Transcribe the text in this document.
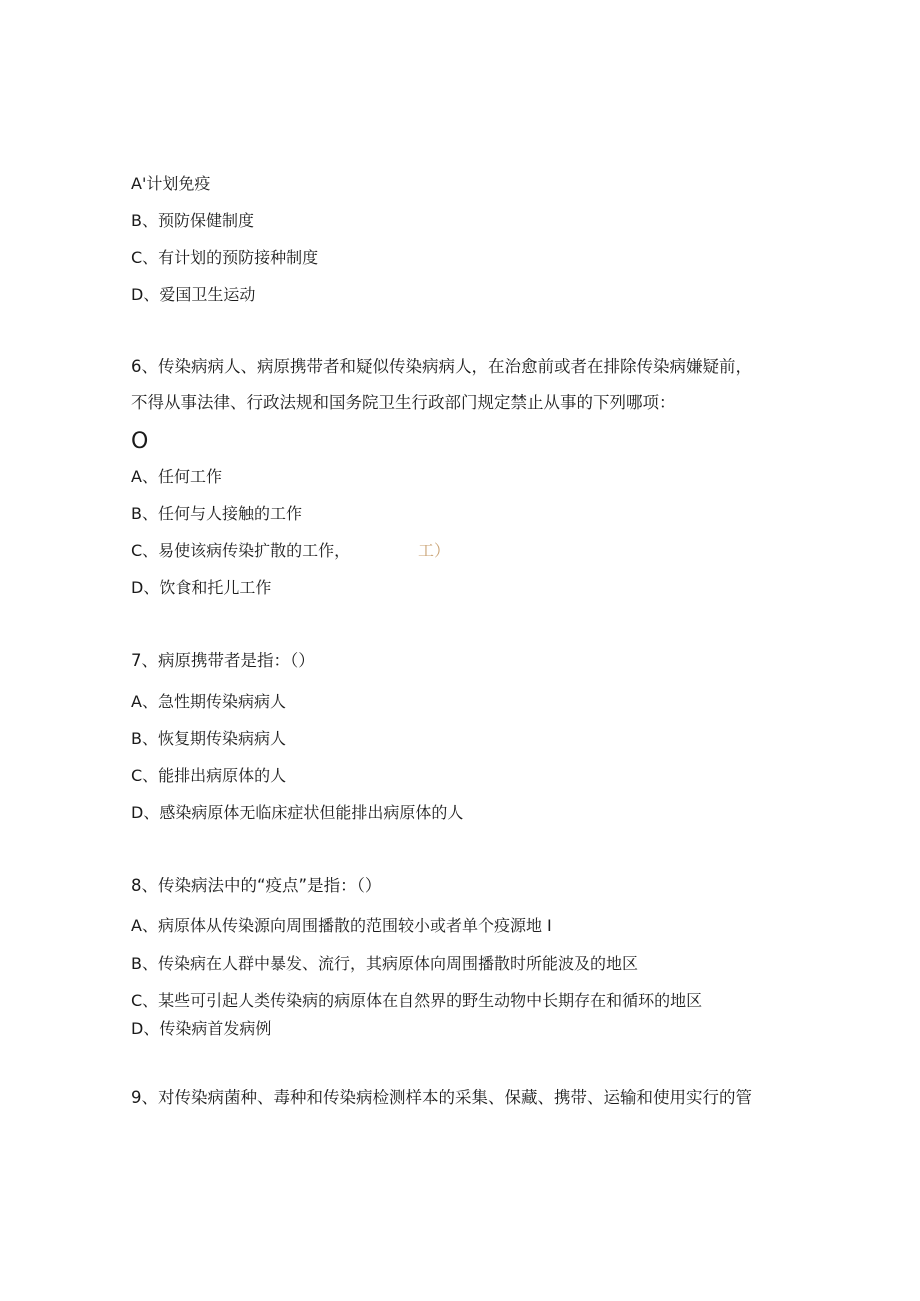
A'计划免疫
B、预防保健制度
C、有计划的预防接种制度
D、爱国卫生运动
6、传染病病人、病原携带者和疑似传染病病人，在治愈前或者在排除传染病嫌疑前，
不得从事法律、行政法规和国务院卫生行政部门规定禁止从事的下列哪项：
O
A、任何工作
B、任何与人接触的工作
C、易使该病传染扩散的工作，	工）
D、饮食和托儿工作
7、病原携带者是指：（）
A、急性期传染病病人
B、恢复期传染病病人
C、能排出病原体的人
D、感染病原体无临床症状但能排出病原体的人
8、传染病法中的“疫点”是指：（）
A、病原体从传染源向周围播散的范围较小或者单个疫源地 I
B、传染病在人群中暴发、流行，其病原体向周围播散时所能波及的地区
C、某些可引起人类传染病的病原体在自然界的野生动物中长期存在和循环的地区
D、传染病首发病例
9、对传染病菌种、毒种和传染病检测样本的采集、保藏、携带、运输和使用实行的管
